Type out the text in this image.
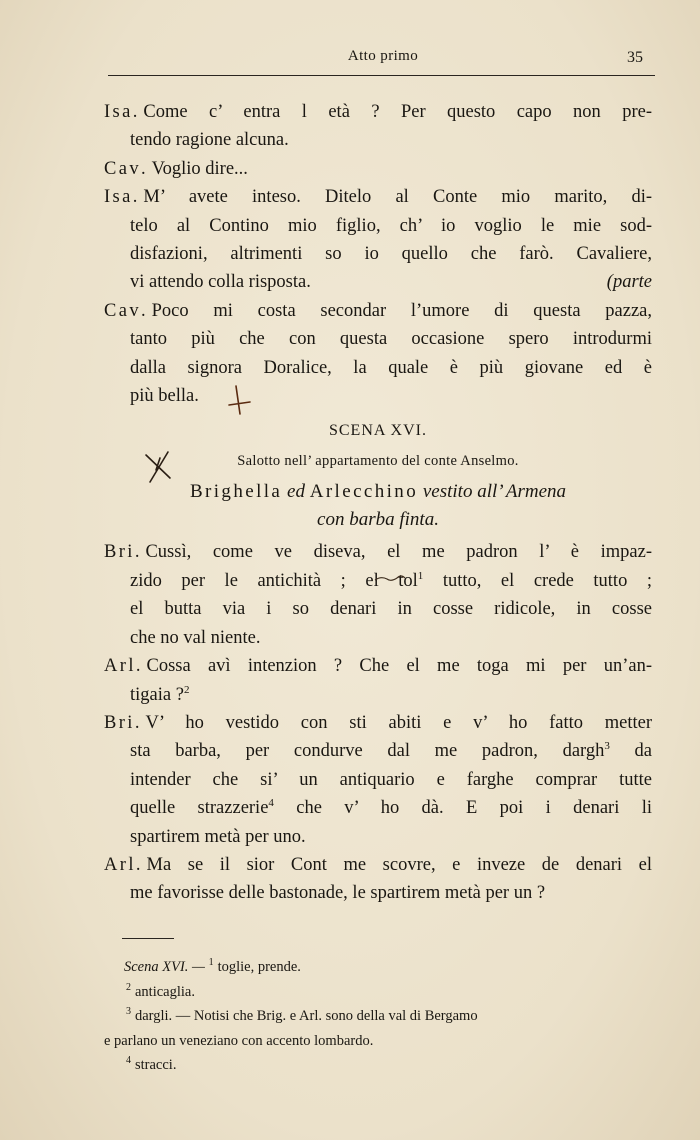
Atto primo	35
Isa. Come c’ entra l età ? Per questo capo non pre-
tendo ragione alcuna.
Cav. Voglio dire...
Isa. M’ avete inteso. Ditelo al Conte mio marito, di-
telo al Contino mio figlio, ch’ io voglio le mie sod-
disfazioni, altrimenti so io quello che farò. Cavaliere,
(parte
vi attendo colla risposta.
Cav. Poco mi costa secondar l’umore di questa pazza,
tanto più che con questa occasione spero introdurmi
dalla signora Doralice, la quale è più giovane ed è
più bella.
SCENA XVI.
Salotto nell’ appartamento del conte Anselmo.
Brighella ed Arlecchino vestito all’ Armena
con barba finta.
Bri. Cussì, come ve diseva, el me padron l’ è impaz-
zido per le antichità ; el tol$^1$ tutto, el crede tutto ;
el butta via i so denari in cosse ridicole, in cosse
che no val niente.
Arl. Cossa avì intenzion ? Che el me toga mi per un’an-
tigaia ?$^2$
Bri. V’ ho vestido con sti abiti e v’ ho fatto metter
sta barba, per condurve dal me padron, dargh$^3$ da
intender che si’ un antiquario e farghe comprar tutte
quelle strazzerie$^4$ che v’ ho dà. E poi i denari li
spartirem metà per uno.
Arl. Ma se il sior Cont me scovre, e inveze de denari el
me favorisse delle bastonade, le spartirem metà per un ?
Scena XVI. — $^1$ toglie, prende.
$^2$ anticaglia.
$^3$ dargli. — Notisi che Brig. e Arl. sono della val di Bergamo
e parlano un veneziano con accento lombardo.
$^4$ stracci.
